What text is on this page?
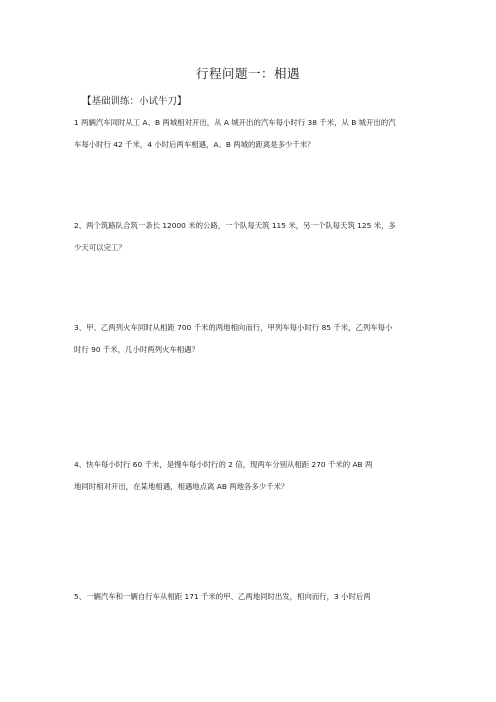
行程问题一：相遇
【基础训练：小试牛刀】

1 两辆汽车同时从工 A、B 两城相对开出，从 A 城开出的汽车每小时行 38 千米，从 B 城开出的汽
车每小时行 42 千米，4 小时后两车相遇，A、B 两城的距离是多少千米？

2、两个筑路队合筑一条长 12000 米的公路，一个队每天筑 115 米，另一个队每天筑 125 米，多
少天可以完工？

3、甲、乙两列火车同时从相距 700 千米的两地相向而行，甲列车每小时行 85 千米，乙列车每小
时行 90 千米，几小时两列火车相遇？

4、快车每小时行 60 千米，是慢车每小时行的 2 倍，现两车分别从相距 270 千米的 AB 两
地同时相对开出，在某地相遇，相遇地点离 AB 两地各多少千米？

5、一辆汽车和一辆自行车从相距 171 千米的甲、乙两地同时出发，相向而行，3 小时后两
